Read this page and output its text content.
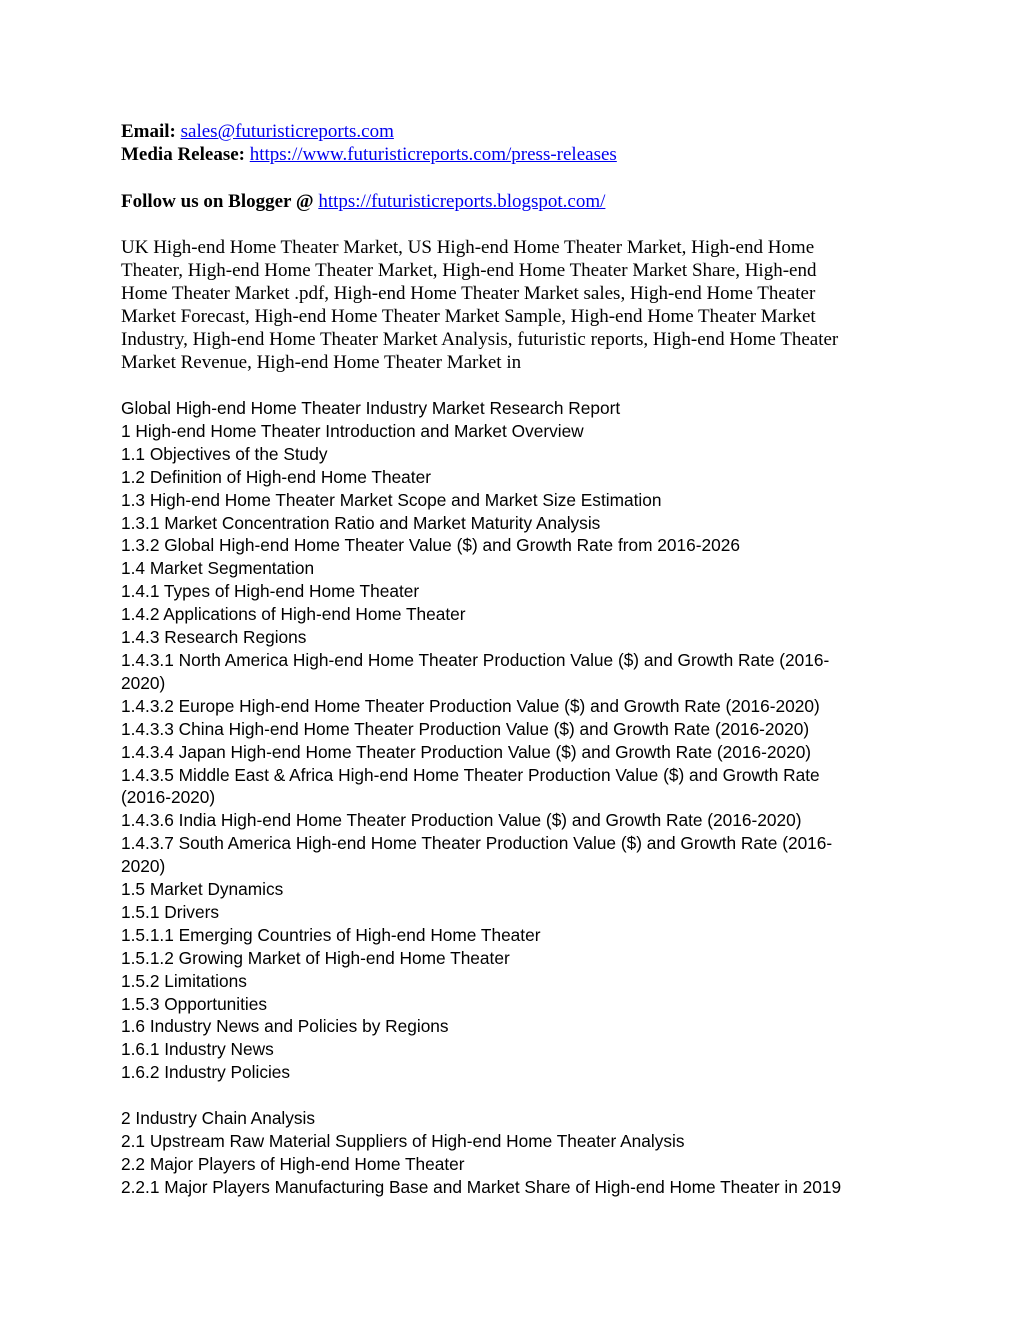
Email: sales@futuristicreports.com
Media Release: https://www.futuristicreports.com/press-releases
Follow us on Blogger @ https://futuristicreports.blogspot.com/
UK High-end Home Theater Market, US High-end Home Theater Market, High-end Home
Theater, High-end Home Theater Market, High-end Home Theater Market Share, High-end
Home Theater Market .pdf, High-end Home Theater Market sales, High-end Home Theater
Market Forecast, High-end Home Theater Market Sample, High-end Home Theater Market
Industry, High-end Home Theater Market Analysis, futuristic reports, High-end Home Theater
Market Revenue, High-end Home Theater Market in
Global High-end Home Theater Industry Market Research Report
1 High-end Home Theater Introduction and Market Overview
1.1 Objectives of the Study
1.2 Definition of High-end Home Theater
1.3 High-end Home Theater Market Scope and Market Size Estimation
1.3.1 Market Concentration Ratio and Market Maturity Analysis
1.3.2 Global High-end Home Theater Value ($) and Growth Rate from 2016-2026
1.4 Market Segmentation
1.4.1 Types of High-end Home Theater
1.4.2 Applications of High-end Home Theater
1.4.3 Research Regions
1.4.3.1 North America High-end Home Theater Production Value ($) and Growth Rate (2016-
2020)
1.4.3.2 Europe High-end Home Theater Production Value ($) and Growth Rate (2016-2020)
1.4.3.3 China High-end Home Theater Production Value ($) and Growth Rate (2016-2020)
1.4.3.4 Japan High-end Home Theater Production Value ($) and Growth Rate (2016-2020)
1.4.3.5 Middle East & Africa High-end Home Theater Production Value ($) and Growth Rate
(2016-2020)
1.4.3.6 India High-end Home Theater Production Value ($) and Growth Rate (2016-2020)
1.4.3.7 South America High-end Home Theater Production Value ($) and Growth Rate (2016-
2020)
1.5 Market Dynamics
1.5.1 Drivers
1.5.1.1 Emerging Countries of High-end Home Theater
1.5.1.2 Growing Market of High-end Home Theater
1.5.2 Limitations
1.5.3 Opportunities
1.6 Industry News and Policies by Regions
1.6.1 Industry News
1.6.2 Industry Policies
2 Industry Chain Analysis
2.1 Upstream Raw Material Suppliers of High-end Home Theater Analysis
2.2 Major Players of High-end Home Theater
2.2.1 Major Players Manufacturing Base and Market Share of High-end Home Theater in 2019
